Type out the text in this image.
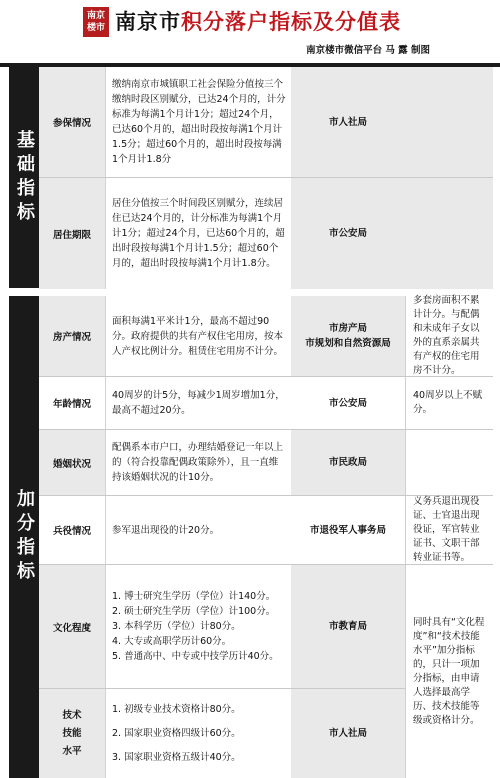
南京
楼市 南京市积分落户指标及分值表
南京楼市微信平台 马 露 制图
基础指标
加分指标
参保情况
缴纳南京市城镇职工社会保险分值按三个缴纳时段区别赋分，已达24个月的，计分标准为每满1个月计1分；超过24个月，已达60个月的，超出时段按每满1个月计1.5分；超过60个月的，超出时段按每满1个月计1.8分
市人社局
居住期限
居住分值按三个时间段区别赋分，连续居住已达24个月的，计分标准为每满1个月计1分；超过24个月，已达60个月的，超出时段按每满1个月计1.5分；超过60个月的，超出时段按每满1个月计1.8分。
市公安局
房产情况
面积每满1平米计1分，最高不超过90分。政府提供的共有产权住宅用房，按本人产权比例计分。租赁住宅用房不计分。
市房产局
市规划和自然资源局
多套房面积不累计计分。与配偶和未成年子女以外的直系亲属共有产权的住宅用房不计分。
年龄情况
40周岁的计5分，每减少1周岁增加1分，最高不超过20分。
市公安局
40周岁以上不赋分。
婚姻状况
配偶系本市户口，办理结婚登记一年以上的（符合投靠配偶政策除外），且一直维持该婚姻状况的计10分。
市民政局
兵役情况	参军退出现役的计20分。	市退役军人事务局
义务兵退出现役证、士官退出现役证，军官转业证书、文职干部转业证书等。
文化程度
1. 博士研究生学历（学位）计140分。
2. 硕士研究生学历（学位）计100分。
3. 本科学历（学位）计80分。
4. 大专或高职学历计60分。
5. 普通高中、中专或中技学历计40分。
市教育局
技术
技能
水平
1. 初级专业技术资格计80分。
2. 国家职业资格四级计60分。
3. 国家职业资格五级计40分。
市人社局
同时具有“文化程度”和“技术技能水平”加分指标的，只计一项加分指标，由申请人选择最高学历、技术技能等级或资格计分。
